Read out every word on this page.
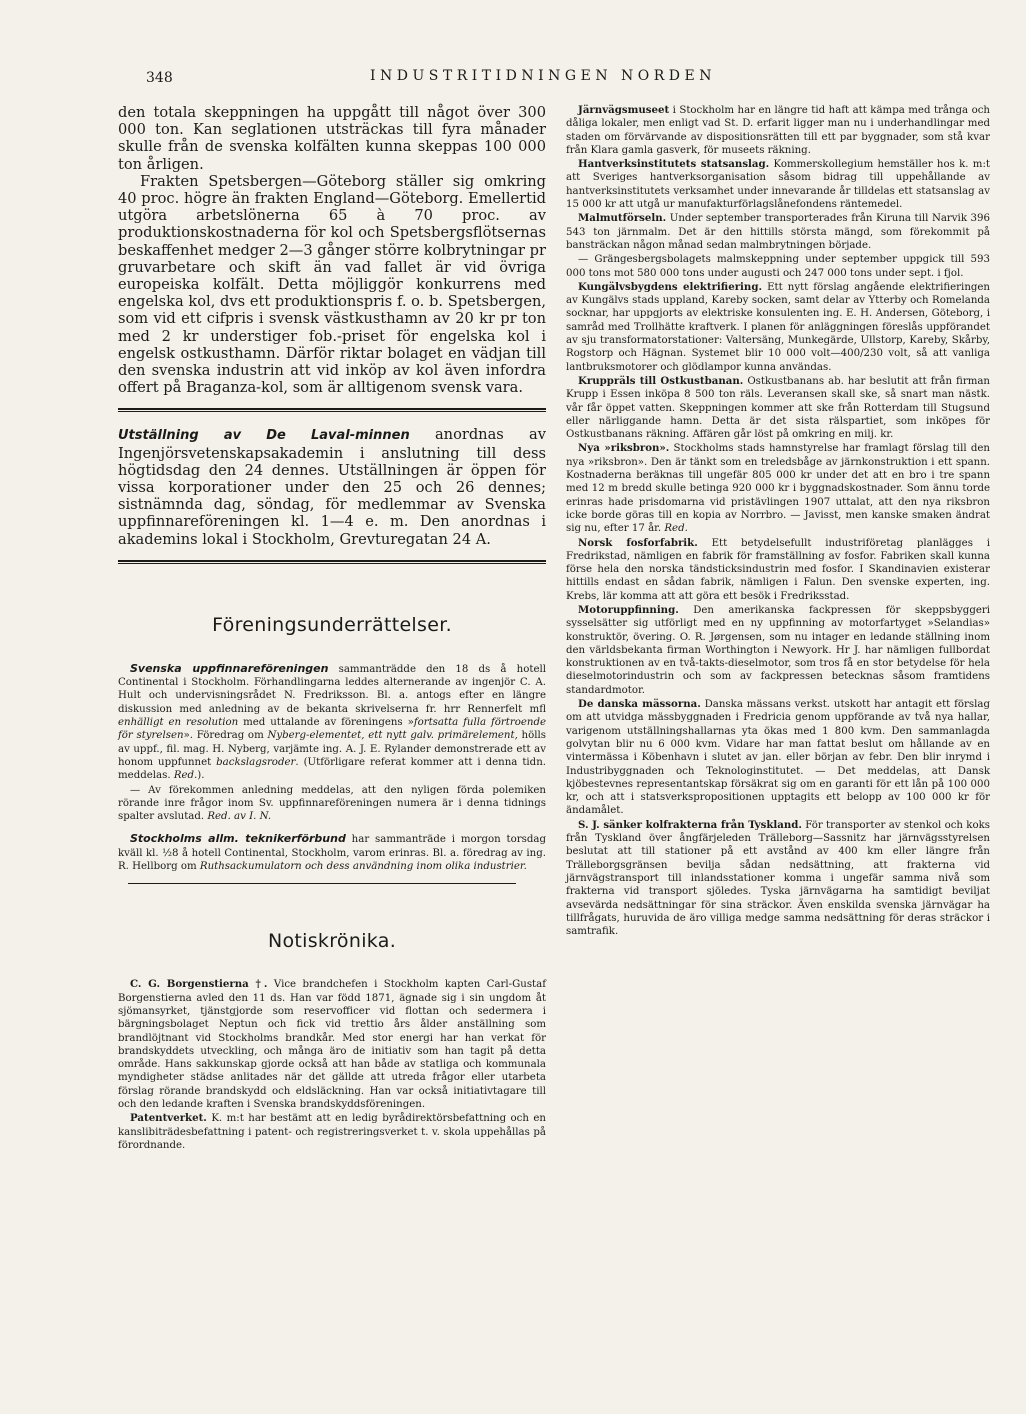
348	INDUSTRITIDNINGEN NORDEN

den totala skeppningen ha uppgått till något över 300 000 ton. Kan seglationen utsträckas till fyra månader skulle från de svenska kolfälten kunna skeppas 100 000 ton årligen.

Frakten Spetsbergen—Göteborg ställer sig omkring 40 proc. högre än frakten England—Göteborg. Emellertid utgöra arbetslönerna 65 à 70 proc. av produktionskostnaderna för kol och Spetsbergsflötsernas beskaffenhet medger 2—3 gånger större kolbrytningar pr gruvarbetare och skift än vad fallet är vid övriga europeiska kolfält. Detta möjliggör konkurrens med engelska kol, dvs ett produktionspris f. o. b. Spetsbergen, som vid ett cifpris i svensk västkusthamn av 20 kr pr ton med 2 kr understiger fob.-priset för engelska kol i engelsk ostkusthamn. Därför riktar bolaget en vädjan till den svenska industrin att vid inköp av kol även infordra offert på Braganza-kol, som är alltigenom svensk vara.

Utställning av De Laval-minnen anordnas av Ingenjörsvetenskapsakademin i anslutning till dess högtidsdag den 24 dennes. Utställningen är öppen för vissa korporationer under den 25 och 26 dennes; sistnämnda dag, söndag, för medlemmar av Svenska uppfinnareföreningen kl. 1—4 e. m. Den anordnas i akademins lokal i Stockholm, Grevturegatan 24 A.

Föreningsunderrättelser.

Svenska uppfinnareföreningen sammanträdde den 18 ds å hotell Continental i Stockholm. Förhandlingarna leddes alternerande av ingenjör C. A. Hult och undervisningsrådet N. Fredriksson. Bl. a. antogs efter en längre diskussion med anledning av de bekanta skrivelserna fr. hrr Rennerfelt mfl enhälligt en resolution med uttalande av föreningens »fortsatta fulla förtroende för styrelsen». Föredrag om Nyberg-elementet, ett nytt galv. primärelement, hölls av uppf., fil. mag. H. Nyberg, varjämte ing. A. J. E. Rylander demonstrerade ett av honom uppfunnet backslagsroder. (Utförligare referat kommer att i denna tidn. meddelas. Red.).

— Av förekommen anledning meddelas, att den nyligen förda polemiken rörande inre frågor inom Sv. uppfinnareföreningen numera är i denna tidnings spalter avslutad. Red. av I. N.

Stockholms allm. teknikerförbund har sammanträde i morgon torsdag kväll kl. ½8 å hotell Continental, Stockholm, varom erinras. Bl. a. föredrag av ing. R. Hellborg om Ruthsackumulatorn och dess användning inom olika industrier.

Notiskrönika.

C. G. Borgenstierna †. Vice brandchefen i Stockholm kapten Carl-Gustaf Borgenstierna avled den 11 ds. Han var född 1871, ägnade sig i sin ungdom åt sjömansyrket, tjänstgjorde som reservofficer vid flottan och sedermera i bärgningsbolaget Neptun och fick vid trettio års ålder anställning som brandlöjtnant vid Stockholms brandkår. Med stor energi har han verkat för brandskyddets utveckling, och många äro de initiativ som han tagit på detta område. Hans sakkunskap gjorde också att han både av statliga och kommunala myndigheter städse anlitades när det gällde att utreda frågor eller utarbeta förslag rörande brandskydd och eldsläckning. Han var också initiativtagare till och den ledande kraften i Svenska brandskyddsföreningen.

Patentverket. K. m:t har bestämt att en ledig byrådirektörsbefattning och en kanslibiträdesbefattning i patent- och registreringsverket t. v. skola uppehållas på förordnande.

Järnvägsmuseet i Stockholm har en längre tid haft att kämpa med trånga och dåliga lokaler, men enligt vad St. D. erfarit ligger man nu i underhandlingar med staden om förvärvande av dispositionsrätten till ett par byggnader, som stå kvar från Klara gamla gasverk, för museets räkning.

Hantverksinstitutets statsanslag. Kommerskollegium hemställer hos k. m:t att Sveriges hantverksorganisation såsom bidrag till uppehållande av hantverksinstitutets verksamhet under innevarande år tilldelas ett statsanslag av 15 000 kr att utgå ur manufakturförlagslånefondens räntemedel.

Malmutförseln. Under september transporterades från Kiruna till Narvik 396 543 ton järnmalm. Det är den hittills största mängd, som förekommit på bansträckan någon månad sedan malmbrytningen började.

— Grängesbergsbolagets malmskeppning under september uppgick till 593 000 tons mot 580 000 tons under augusti och 247 000 tons under sept. i fjol.

Kungälvsbygdens elektrifiering. Ett nytt förslag angående elektrifieringen av Kungälvs stads uppland, Kareby socken, samt delar av Ytterby och Romelanda socknar, har uppgjorts av elektriske konsulenten ing. E. H. Andersen, Göteborg, i samråd med Trollhätte kraftverk. I planen för anläggningen föreslås uppförandet av sju transformatorstationer: Valtersäng, Munkegärde, Ullstorp, Kareby, Skårby, Rogstorp och Hägnan. Systemet blir 10 000 volt—400/230 volt, så att vanliga lantbruksmotorer och glödlampor kunna användas.

Kruppräls till Ostkustbanan. Ostkustbanans ab. har beslutit att från firman Krupp i Essen inköpa 8 500 ton räls. Leveransen skall ske, så snart man nästk. vår får öppet vatten. Skeppningen kommer att ske från Rotterdam till Stugsund eller närliggande hamn. Detta är det sista rälspartiet, som inköpes för Ostkustbanans räkning. Affären går löst på omkring en milj. kr.

Nya »riksbron». Stockholms stads hamnstyrelse har framlagt förslag till den nya »riksbron». Den är tänkt som en treledsbåge av järnkonstruktion i ett spann. Kostnaderna beräknas till ungefär 805 000 kr under det att en bro i tre spann med 12 m bredd skulle betinga 920 000 kr i byggnadskostnader. Som ännu torde erinras hade prisdomarna vid pristävlingen 1907 uttalat, att den nya riksbron icke borde göras till en kopia av Norrbro. — Javisst, men kanske smaken ändrat sig nu, efter 17 år. Red.

Norsk fosforfabrik. Ett betydelsefullt industriföretag planlägges i Fredrikstad, nämligen en fabrik för framställning av fosfor. Fabriken skall kunna förse hela den norska tändsticksindustrin med fosfor. I Skandinavien existerar hittills endast en sådan fabrik, nämligen i Falun. Den svenske experten, ing. Krebs, lär komma att att göra ett besök i Fredriksstad.

Motoruppfinning. Den amerikanska fackpressen för skeppsbyggeri sysselsätter sig utförligt med en ny uppfinning av motorfartyget »Selandias» konstruktör, övering. O. R. Jørgensen, som nu intager en ledande ställning inom den världsbekanta firman Worthington i Newyork. Hr J. har nämligen fullbordat konstruktionen av en två-takts-dieselmotor, som tros få en stor betydelse för hela dieselmotorindustrin och som av fackpressen betecknas såsom framtidens standardmotor.

De danska mässorna. Danska mässans verkst. utskott har antagit ett förslag om att utvidga mässbyggnaden i Fredricia genom uppförande av två nya hallar, varigenom utställningshallarnas yta ökas med 1 800 kvm. Den sammanlagda golvytan blir nu 6 000 kvm. Vidare har man fattat beslut om hållande av en vintermässa i Köbenhavn i slutet av jan. eller början av febr. Den blir inrymd i Industribyggnaden och Teknologinstitutet. — Det meddelas, att Dansk kjöbestevnes representantskap försäkrat sig om en garanti för ett lån på 100 000 kr, och att i statsverkspropositionen upptagits ett belopp av 100 000 kr för ändamålet.

S. J. sänker kolfrakterna från Tyskland. För transporter av stenkol och koks från Tyskland över ångfärjeleden Trälleborg—Sassnitz har järnvägsstyrelsen beslutat att till stationer på ett avstånd av 400 km eller längre från Trälleborgsgränsen bevilja sådan nedsättning, att frakterna vid järnvägstransport till inlandsstationer komma i ungefär samma nivå som frakterna vid transport sjöledes. Tyska järnvägarna ha samtidigt beviljat avsevärda nedsättningar för sina sträckor. Även enskilda svenska järnvägar ha tillfrågats, huruvida de äro villiga medge samma nedsättning för deras sträckor i samtrafik.
